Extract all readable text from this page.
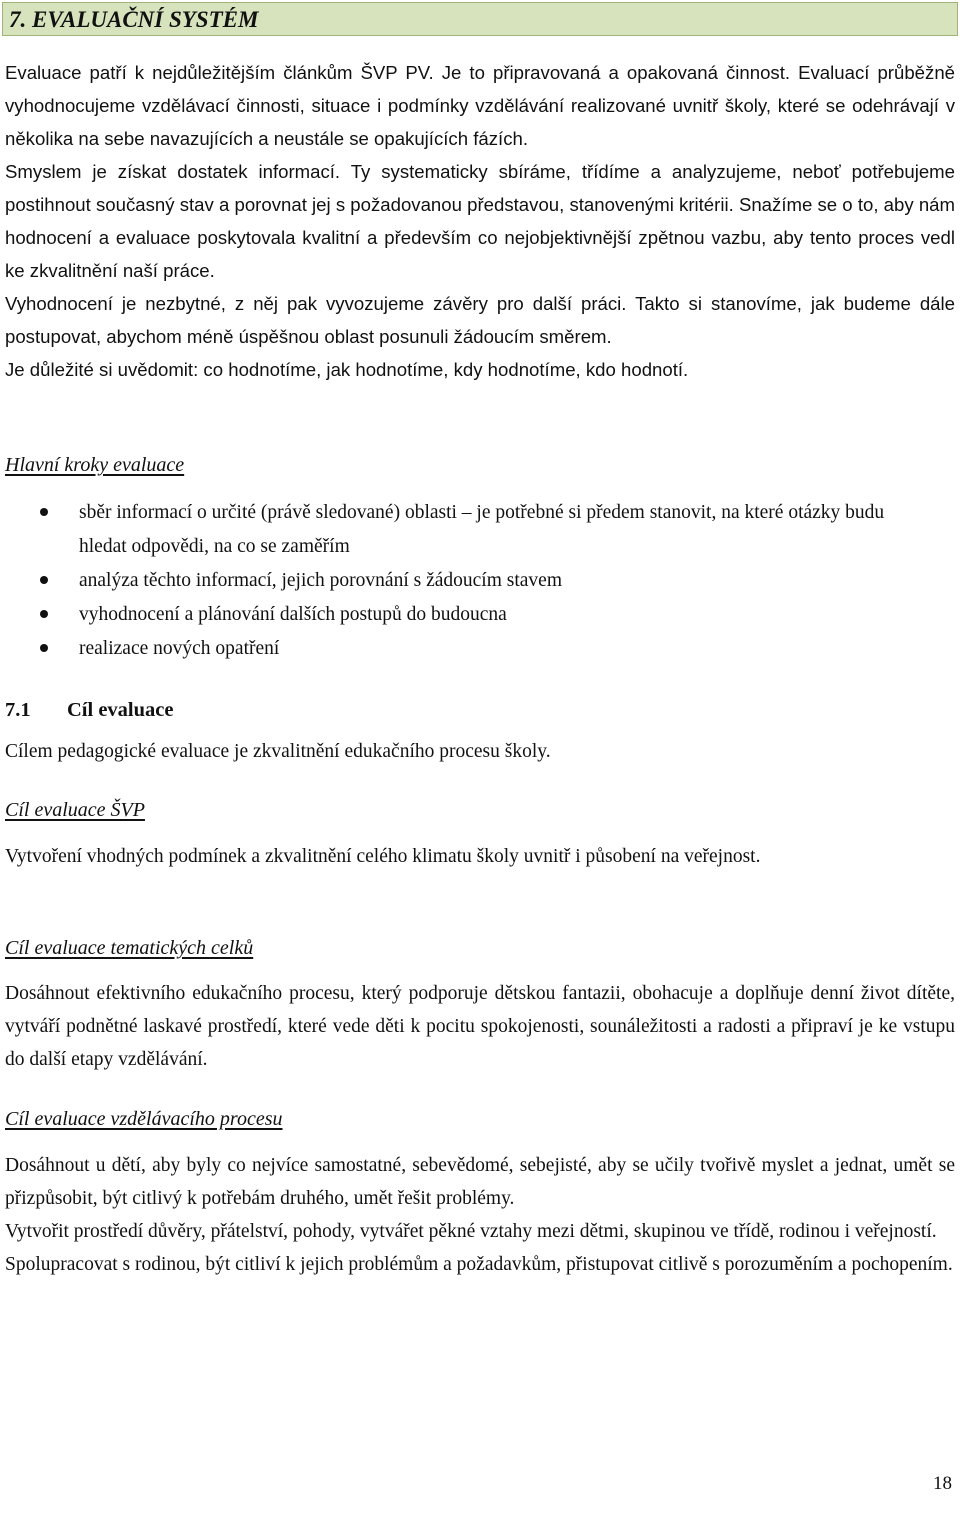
7. EVALUAČNÍ SYSTÉM

Evaluace patří k nejdůležitějším článkům ŠVP PV. Je to připravovaná a opakovaná činnost. Evaluací průběžně vyhodnocujeme vzdělávací činnosti, situace i podmínky vzdělávání realizované uvnitř školy, které se odehrávají v několika na sebe navazujících a neustále se opakujících fázích.

Smyslem je získat dostatek informací. Ty systematicky sbíráme, třídíme a analyzujeme, neboť potřebujeme postihnout současný stav a porovnat jej s požadovanou představou, stanovenými kritérii. Snažíme se o to, aby nám hodnocení a evaluace poskytovala kvalitní a především co nejobjektivnější zpětnou vazbu, aby tento proces vedl ke zkvalitnění naší práce.

Vyhodnocení je nezbytné, z něj pak vyvozujeme závěry pro další práci. Takto si stanovíme, jak budeme dále postupovat, abychom méně úspěšnou oblast posunuli žádoucím směrem.

Je důležité si uvědomit: co hodnotíme, jak hodnotíme, kdy hodnotíme, kdo hodnotí.

Hlavní kroky evaluace
sběr informací o určité (právě sledované) oblasti – je potřebné si předem stanovit, na které otázky budu hledat odpovědi, na co se zaměřím
analýza těchto informací, jejich porovnání s žádoucím stavem
vyhodnocení a plánování dalších postupů do budoucna
realizace nových opatření
7.1 Cíl evaluace

Cílem pedagogické evaluace je zkvalitnění edukačního procesu školy.

Cíl evaluace ŠVP

Vytvoření vhodných podmínek a zkvalitnění celého klimatu školy uvnitř i působení na veřejnost.

Cíl evaluace tematických celků

Dosáhnout efektivního edukačního procesu, který podporuje dětskou fantazii, obohacuje a doplňuje denní život dítěte, vytváří podnětné laskavé prostředí, které vede děti k pocitu spokojenosti, sounáležitosti a radosti a připraví je ke vstupu do další etapy vzdělávání.

Cíl evaluace vzdělávacího procesu

Dosáhnout u dětí, aby byly co nejvíce samostatné, sebevědomé, sebejisté, aby se učily tvořivě myslet a jednat, umět se přizpůsobit, být citlivý k potřebám druhého, umět řešit problémy.

Vytvořit prostředí důvěry, přátelství, pohody, vytvářet pěkné vztahy mezi dětmi, skupinou ve třídě, rodinou i veřejností.

Spolupracovat s rodinou, být citliví k jejich problémům a požadavkům, přistupovat citlivě s porozuměním a pochopením.

18
